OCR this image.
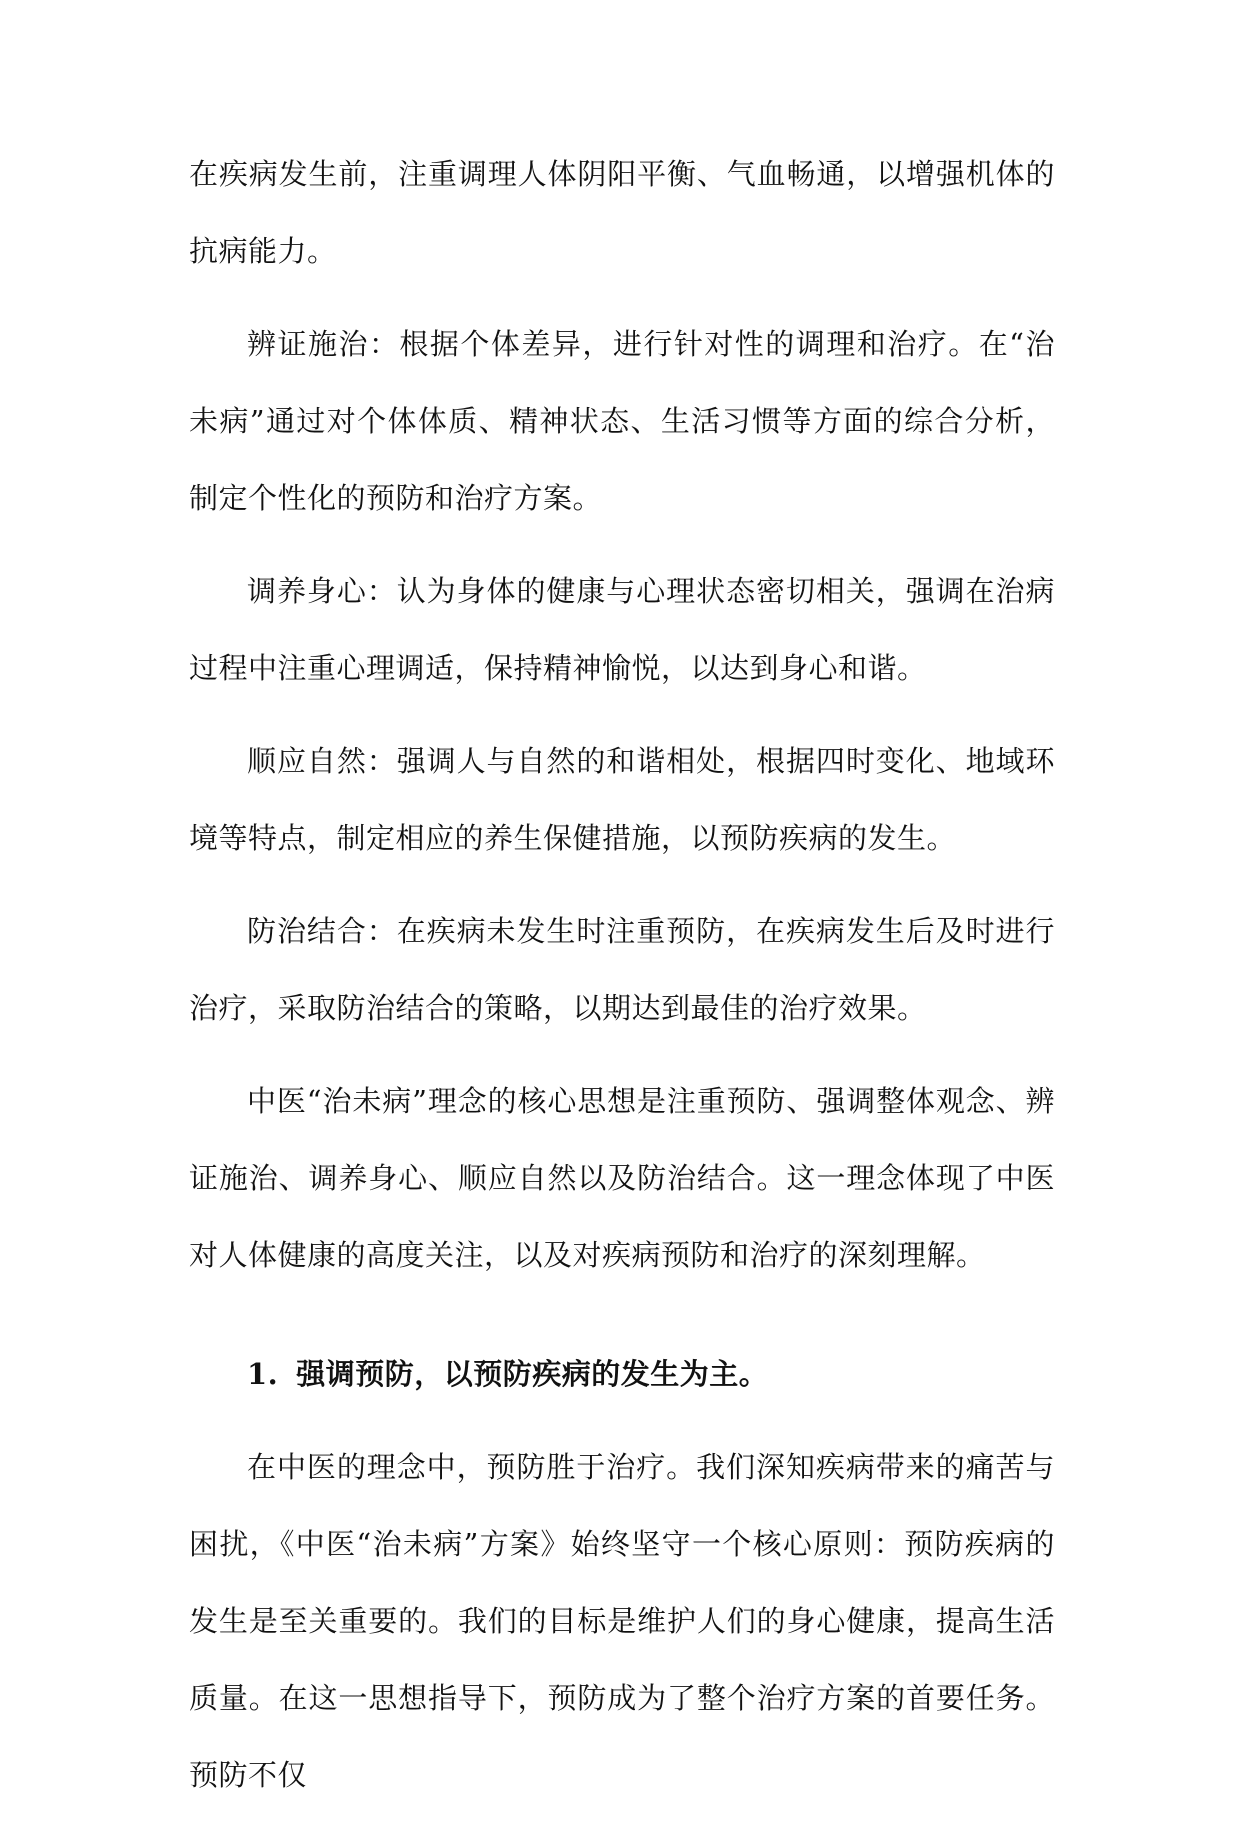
在疾病发生前，注重调理人体阴阳平衡、气血畅通，以增强机体的抗病能力。

辨证施治：根据个体差异，进行针对性的调理和治疗。在“治未病”通过对个体体质、精神状态、生活习惯等方面的综合分析，制定个性化的预防和治疗方案。

调养身心：认为身体的健康与心理状态密切相关，强调在治病过程中注重心理调适，保持精神愉悦，以达到身心和谐。

顺应自然：强调人与自然的和谐相处，根据四时变化、地域环境等特点，制定相应的养生保健措施，以预防疾病的发生。

防治结合：在疾病未发生时注重预防，在疾病发生后及时进行治疗，采取防治结合的策略，以期达到最佳的治疗效果。

中医“治未病”理念的核心思想是注重预防、强调整体观念、辨证施治、调养身心、顺应自然以及防治结合。这一理念体现了中医对人体健康的高度关注，以及对疾病预防和治疗的深刻理解。

1. 强调预防，以预防疾病的发生为主。

在中医的理念中，预防胜于治疗。我们深知疾病带来的痛苦与困扰，《中医“治未病”方案》始终坚守一个核心原则：预防疾病的发生是至关重要的。我们的目标是维护人们的身心健康，提高生活质量。在这一思想指导下，预防成为了整个治疗方案的首要任务。预防不仅
